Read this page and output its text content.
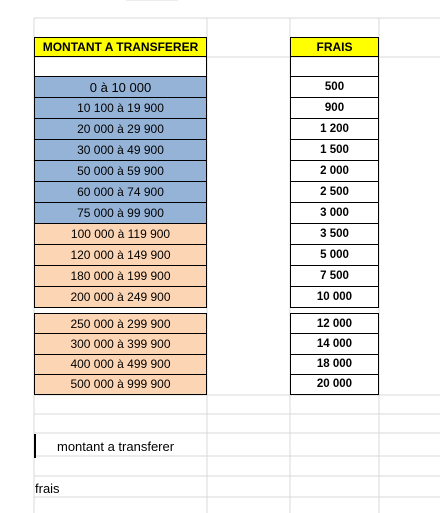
MONTANT A TRANSFERER	FRAIS
0 à 10 000	500
10 100 à 19 900	900
20 000 à 29 900	1 200
30 000 à 49 900	1 500
50 000 à 59 900	2 000
60 000 à 74 900	2 500
75 000 à 99 900	3 000
100 000 à 119 900	3 500
120 000 à 149 900	5 000
180 000 à 199 900	7 500
200 000 à 249 900	10 000
250 000 à 299 900	12 000
300 000 à 399 900	14 000
400 000 à 499 900	18 000
500 000 à 999 900	20 000
montant a transferer
frais
